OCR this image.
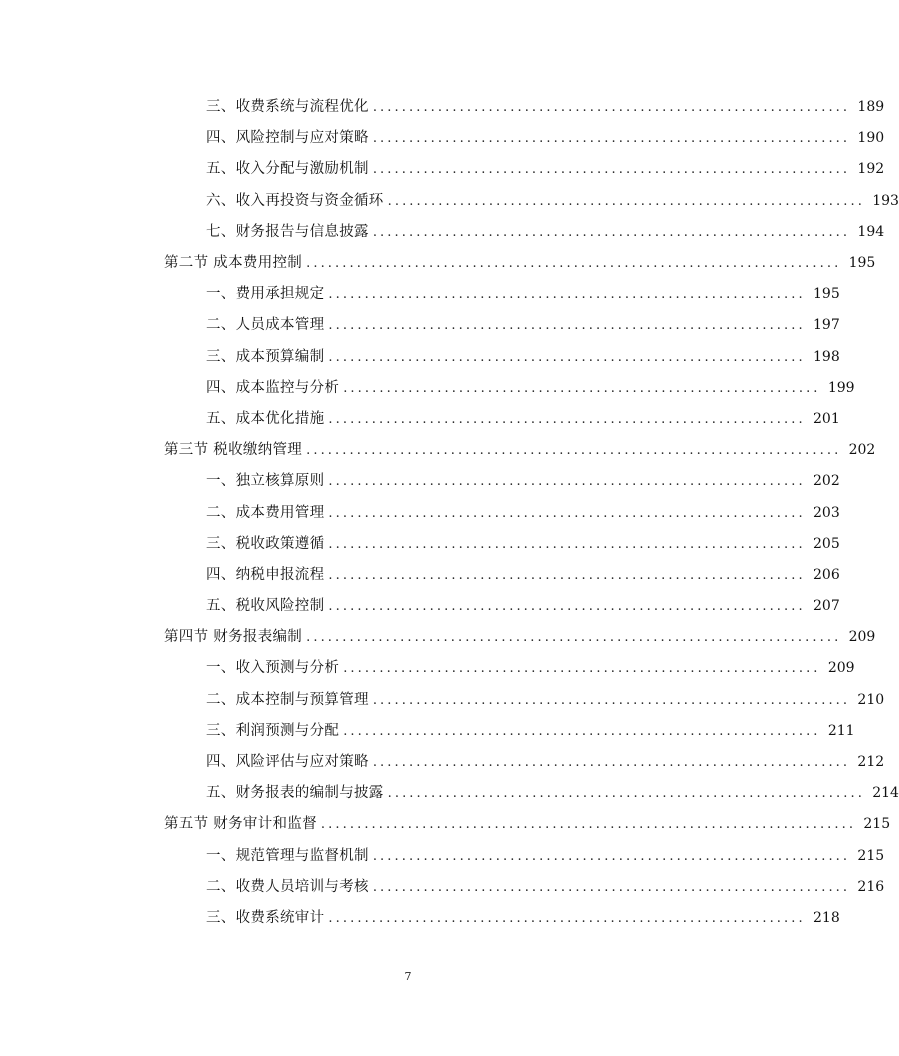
三、收费系统与流程优化 .................................................................. 189
四、风险控制与应对策略 .................................................................. 190
五、收入分配与激励机制 .................................................................. 192
六、收入再投资与资金循环 .................................................................. 193
七、财务报告与信息披露 .................................................................. 194
第二节 成本费用控制 .......................................................................... 195
一、费用承担规定 .................................................................. 195
二、人员成本管理 .................................................................. 197
三、成本预算编制 .................................................................. 198
四、成本监控与分析 .................................................................. 199
五、成本优化措施 .................................................................. 201
第三节 税收缴纳管理 .......................................................................... 202
一、独立核算原则 .................................................................. 202
二、成本费用管理 .................................................................. 203
三、税收政策遵循 .................................................................. 205
四、纳税申报流程 .................................................................. 206
五、税收风险控制 .................................................................. 207
第四节 财务报表编制 .......................................................................... 209
一、收入预测与分析 .................................................................. 209
二、成本控制与预算管理 .................................................................. 210
三、利润预测与分配 .................................................................. 211
四、风险评估与应对策略 .................................................................. 212
五、财务报表的编制与披露 .................................................................. 214
第五节 财务审计和监督 .......................................................................... 215
一、规范管理与监督机制 .................................................................. 215
二、收费人员培训与考核 .................................................................. 216
三、收费系统审计 .................................................................. 218
7
